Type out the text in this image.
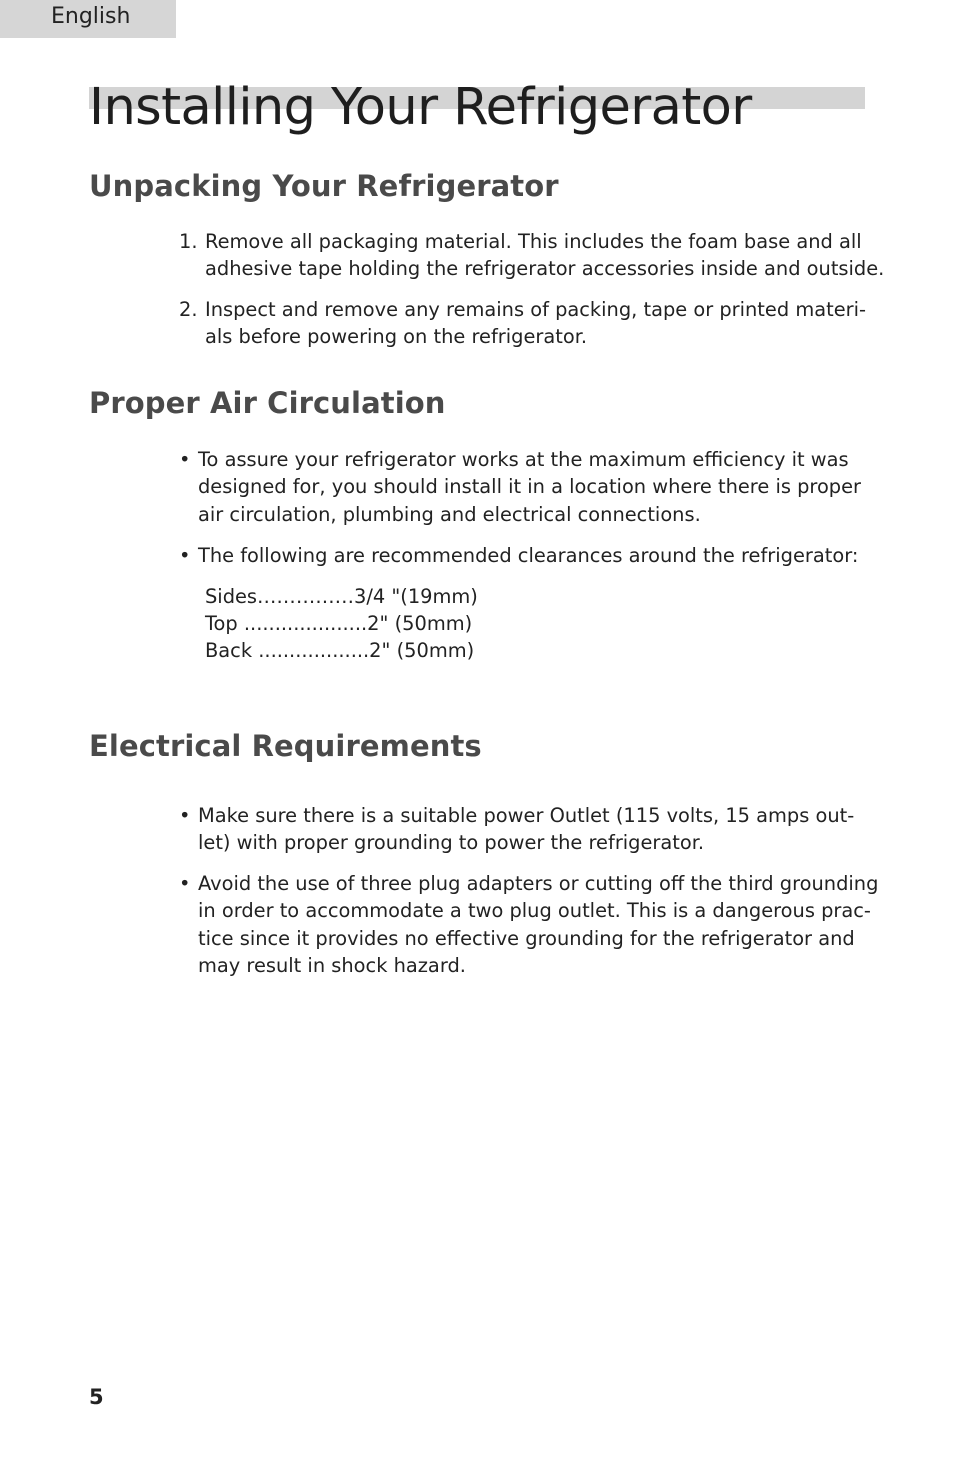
English
Installing Your Refrigerator
Unpacking Your Refrigerator
1. Remove all packaging material. This includes the foam base and all
adhesive tape holding the refrigerator accessories inside and outside.
2. Inspect and remove any remains of packing, tape or printed materi-
als before powering on the refrigerator.
Proper Air Circulation
• To assure your refrigerator works at the maximum efficiency it was
designed for, you should install it in a location where there is proper
air circulation, plumbing and electrical connections.
• The following are recommended clearances around the refrigerator:
Sides……………3/4 "(19mm)
Top ....................2" (50mm)
Back ..................2" (50mm)
Electrical Requirements
• Make sure there is a suitable power Outlet (115 volts, 15 amps out-
let) with proper grounding to power the refrigerator.
• Avoid the use of three plug adapters or cutting off the third grounding
in order to accommodate a two plug outlet. This is a dangerous prac-
tice since it provides no effective grounding for the refrigerator and
may result in shock hazard.
5
